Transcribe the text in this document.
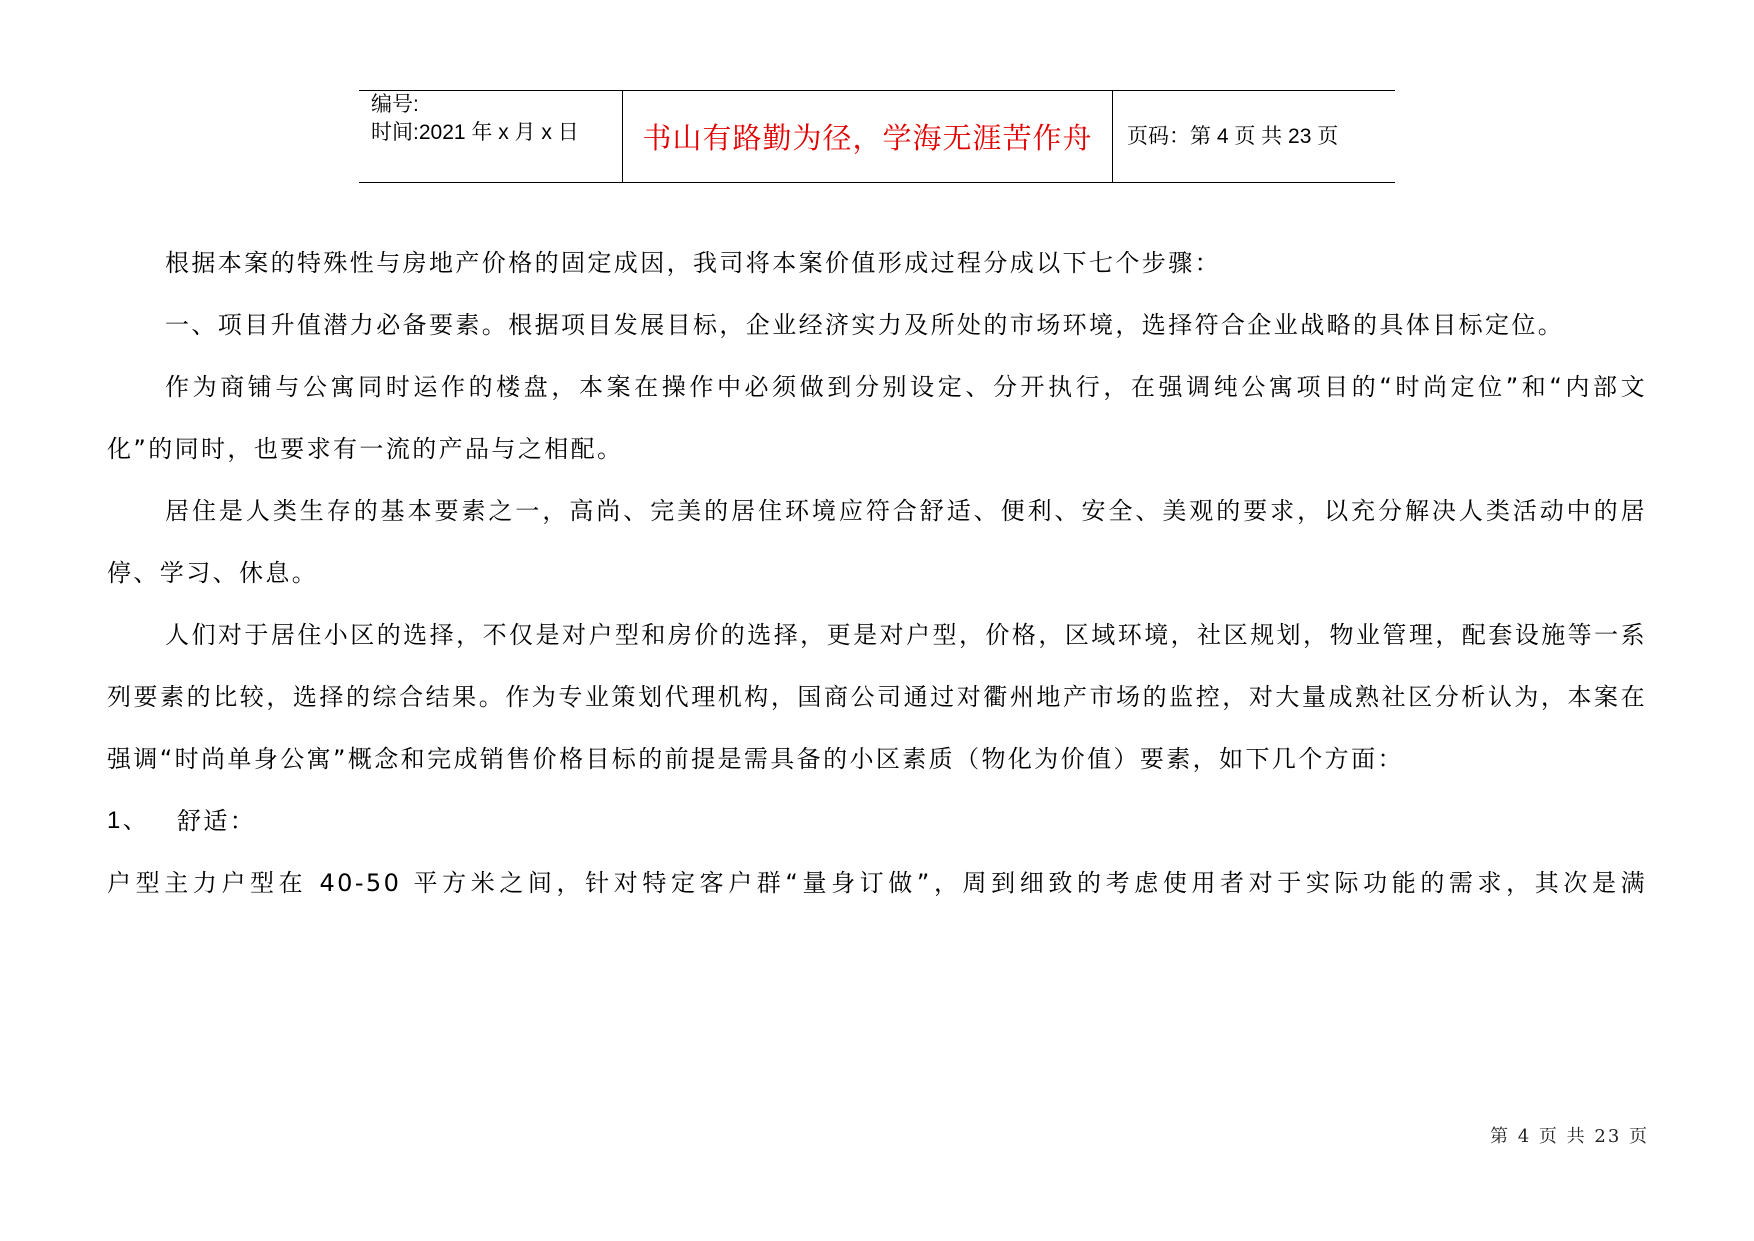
编号:
时间:2021 年 x 月 x 日 书山有路勤为径，学海无涯苦作舟 页码：第 4 页 共 23 页

根据本案的特殊性与房地产价格的固定成因，我司将本案价值形成过程分成以下七个步骤：

一、项目升值潜力必备要素。根据项目发展目标，企业经济实力及所处的市场环境，选择符合企业战略的具体目标定位。

作为商铺与公寓同时运作的楼盘，本案在操作中必须做到分别设定、分开执行，在强调纯公寓项目的“时尚定位”和“内部文化”的同时，也要求有一流的产品与之相配。

居住是人类生存的基本要素之一，高尚、完美的居住环境应符合舒适、便利、安全、美观的要求，以充分解决人类活动中的居停、学习、休息。

人们对于居住小区的选择，不仅是对户型和房价的选择，更是对户型，价格，区域环境，社区规划，物业管理，配套设施等一系列要素的比较，选择的综合结果。作为专业策划代理机构，国商公司通过对衢州地产市场的监控，对大量成熟社区分析认为，本案在强调“时尚单身公寓”概念和完成销售价格目标的前提是需具备的小区素质（物化为价值）要素，如下几个方面：

1、	舒适：

户型主力户型在 40-50 平方米之间，针对特定客户群“量身订做”，周到细致的考虑使用者对于实际功能的需求，其次是满

第 4 页 共 23 页
